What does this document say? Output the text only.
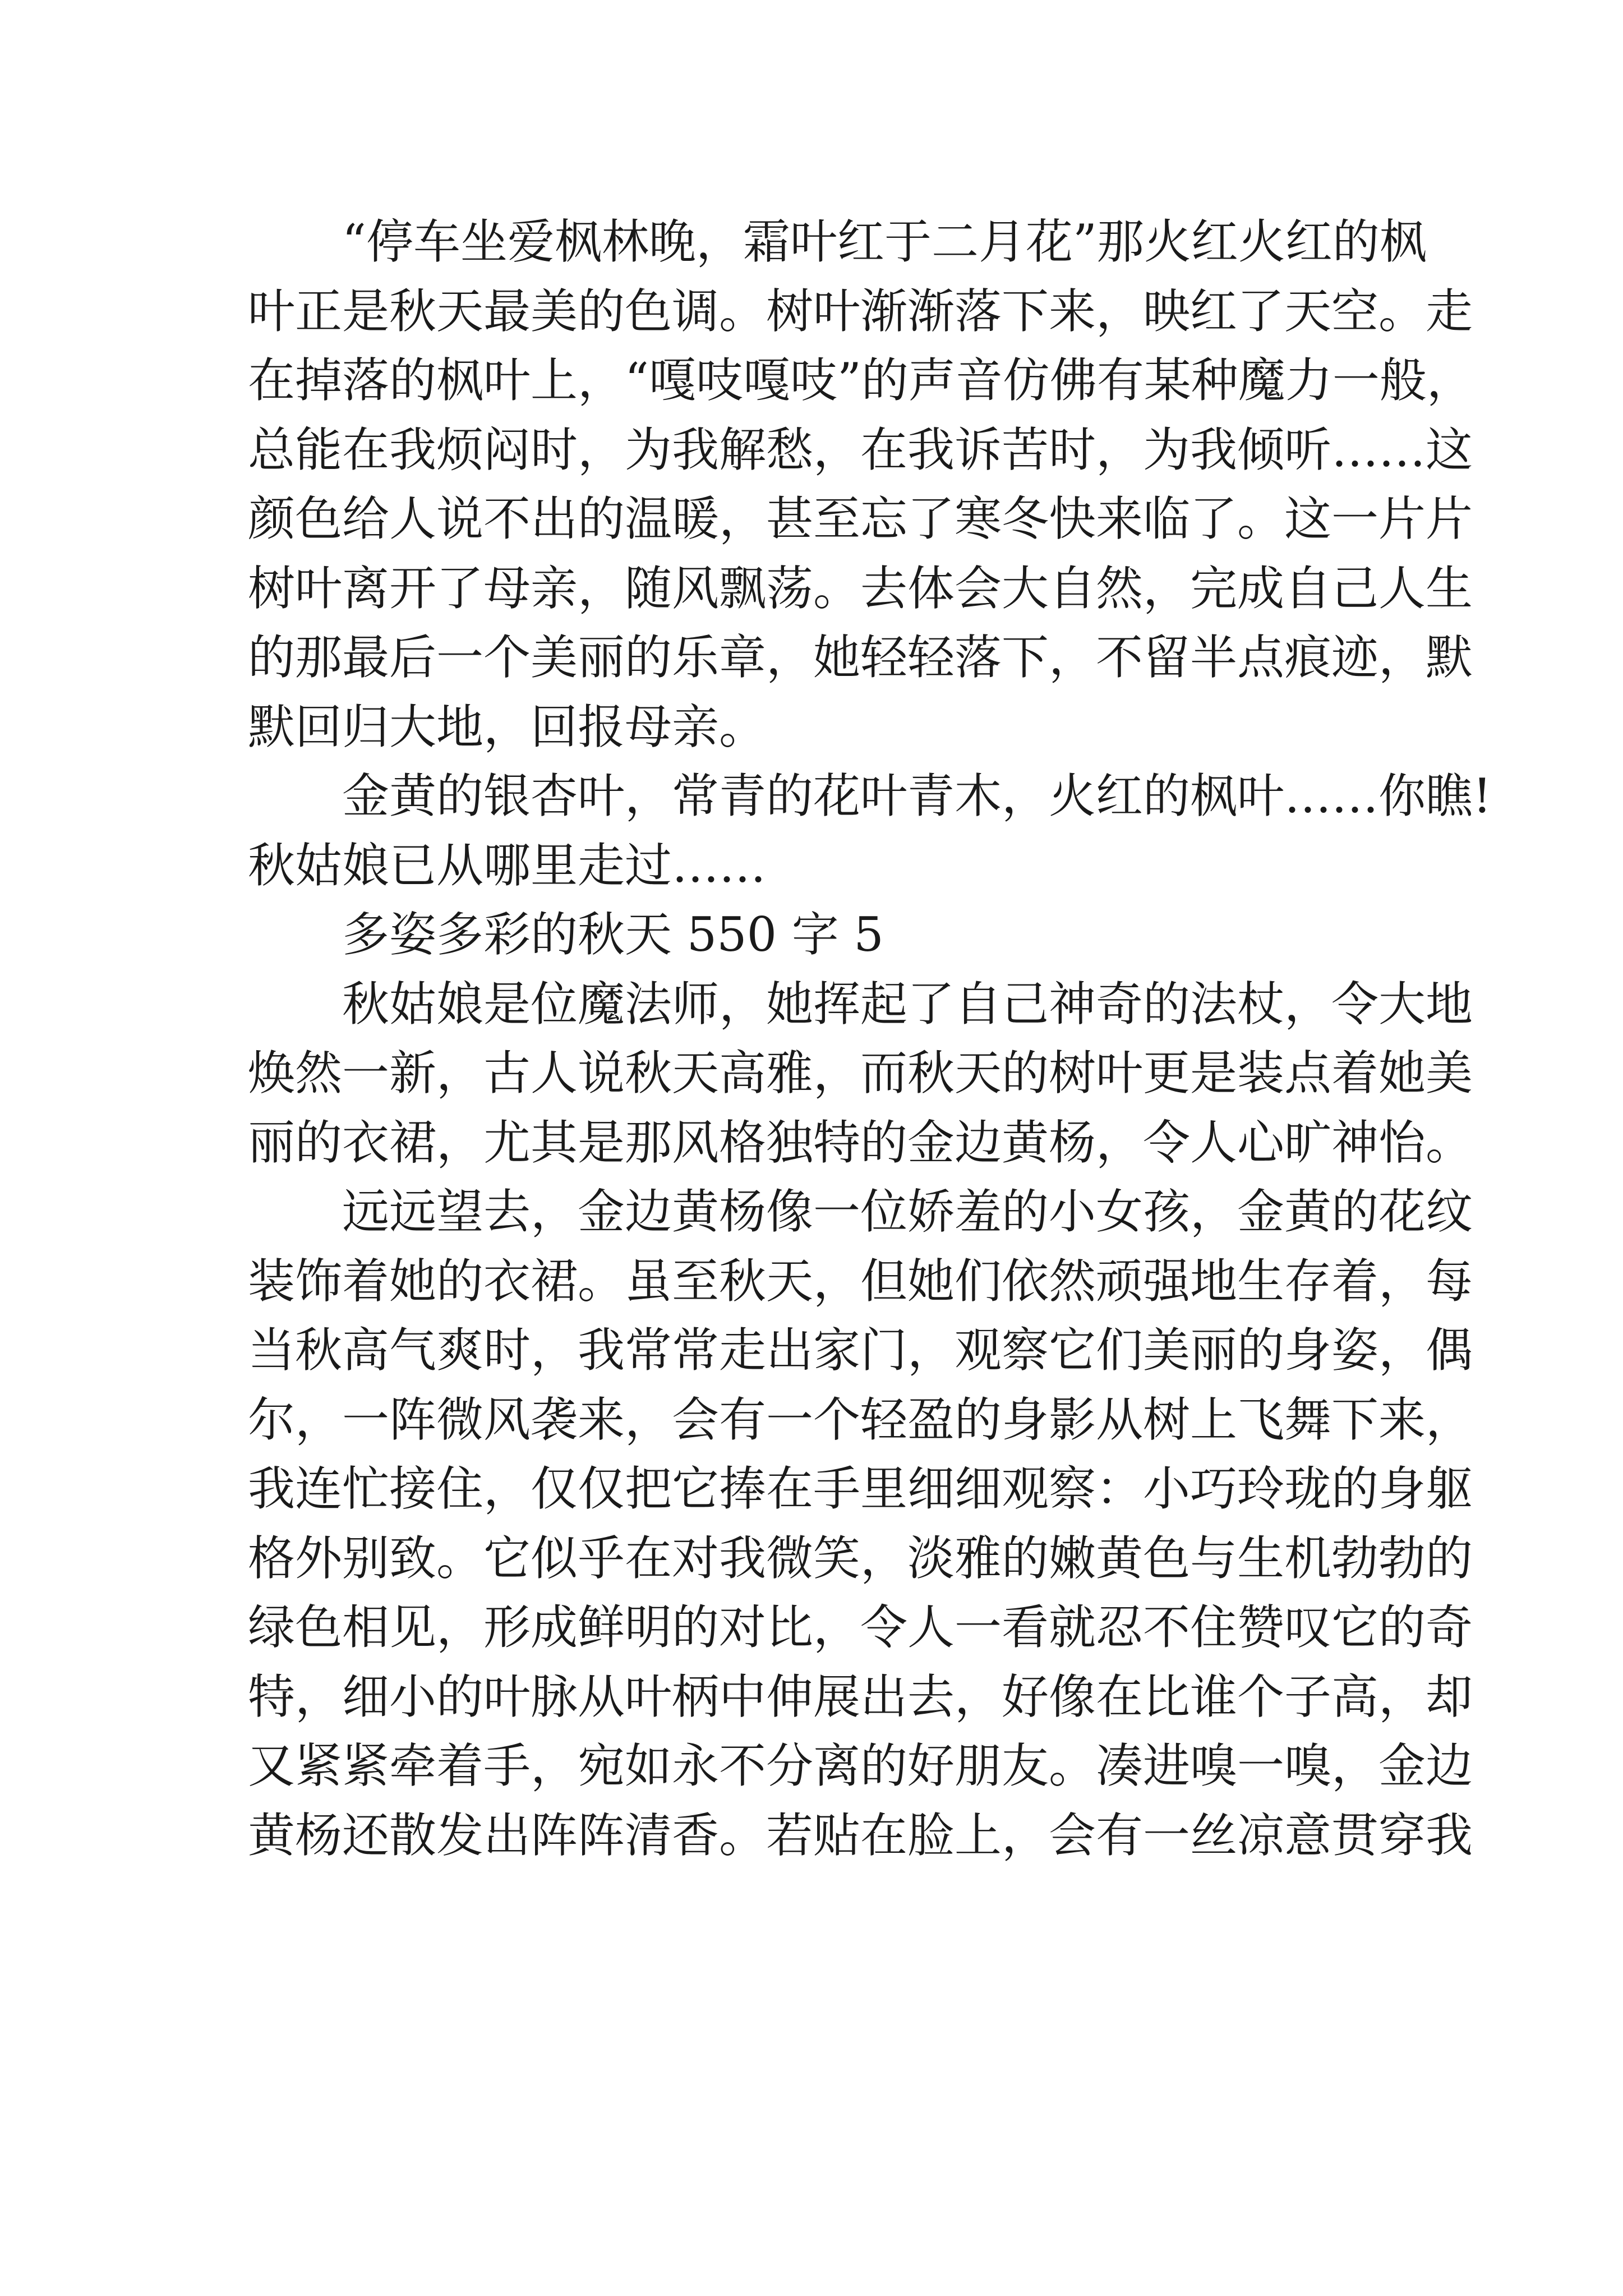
“停车坐爱枫林晚，霜叶红于二月花”那火红火红的枫
叶正是秋天最美的色调。树叶渐渐落下来，映红了天空。走
在掉落的枫叶上，“嘎吱嘎吱”的声音仿佛有某种魔力一般，
总能在我烦闷时，为我解愁，在我诉苦时，为我倾听……这
颜色给人说不出的温暖，甚至忘了寒冬快来临了。这一片片
树叶离开了母亲，随风飘荡。去体会大自然，完成自己人生
的那最后一个美丽的乐章，她轻轻落下，不留半点痕迹，默
默回归大地，回报母亲。
金黄的银杏叶，常青的花叶青木，火红的枫叶……你瞧!
秋姑娘已从哪里走过……
多姿多彩的秋天 550 字 5
秋姑娘是位魔法师，她挥起了自己神奇的法杖，令大地
焕然一新，古人说秋天高雅，而秋天的树叶更是装点着她美
丽的衣裙，尤其是那风格独特的金边黄杨，令人心旷神怡。
远远望去，金边黄杨像一位娇羞的小女孩，金黄的花纹
装饰着她的衣裙。虽至秋天，但她们依然顽强地生存着，每
当秋高气爽时，我常常走出家门，观察它们美丽的身姿，偶
尔，一阵微风袭来，会有一个轻盈的身影从树上飞舞下来，
我连忙接住，仅仅把它捧在手里细细观察：小巧玲珑的身躯
格外别致。它似乎在对我微笑，淡雅的嫩黄色与生机勃勃的
绿色相见，形成鲜明的对比，令人一看就忍不住赞叹它的奇
特，细小的叶脉从叶柄中伸展出去，好像在比谁个子高，却
又紧紧牵着手，宛如永不分离的好朋友。凑进嗅一嗅，金边
黄杨还散发出阵阵清香。若贴在脸上，会有一丝凉意贯穿我
